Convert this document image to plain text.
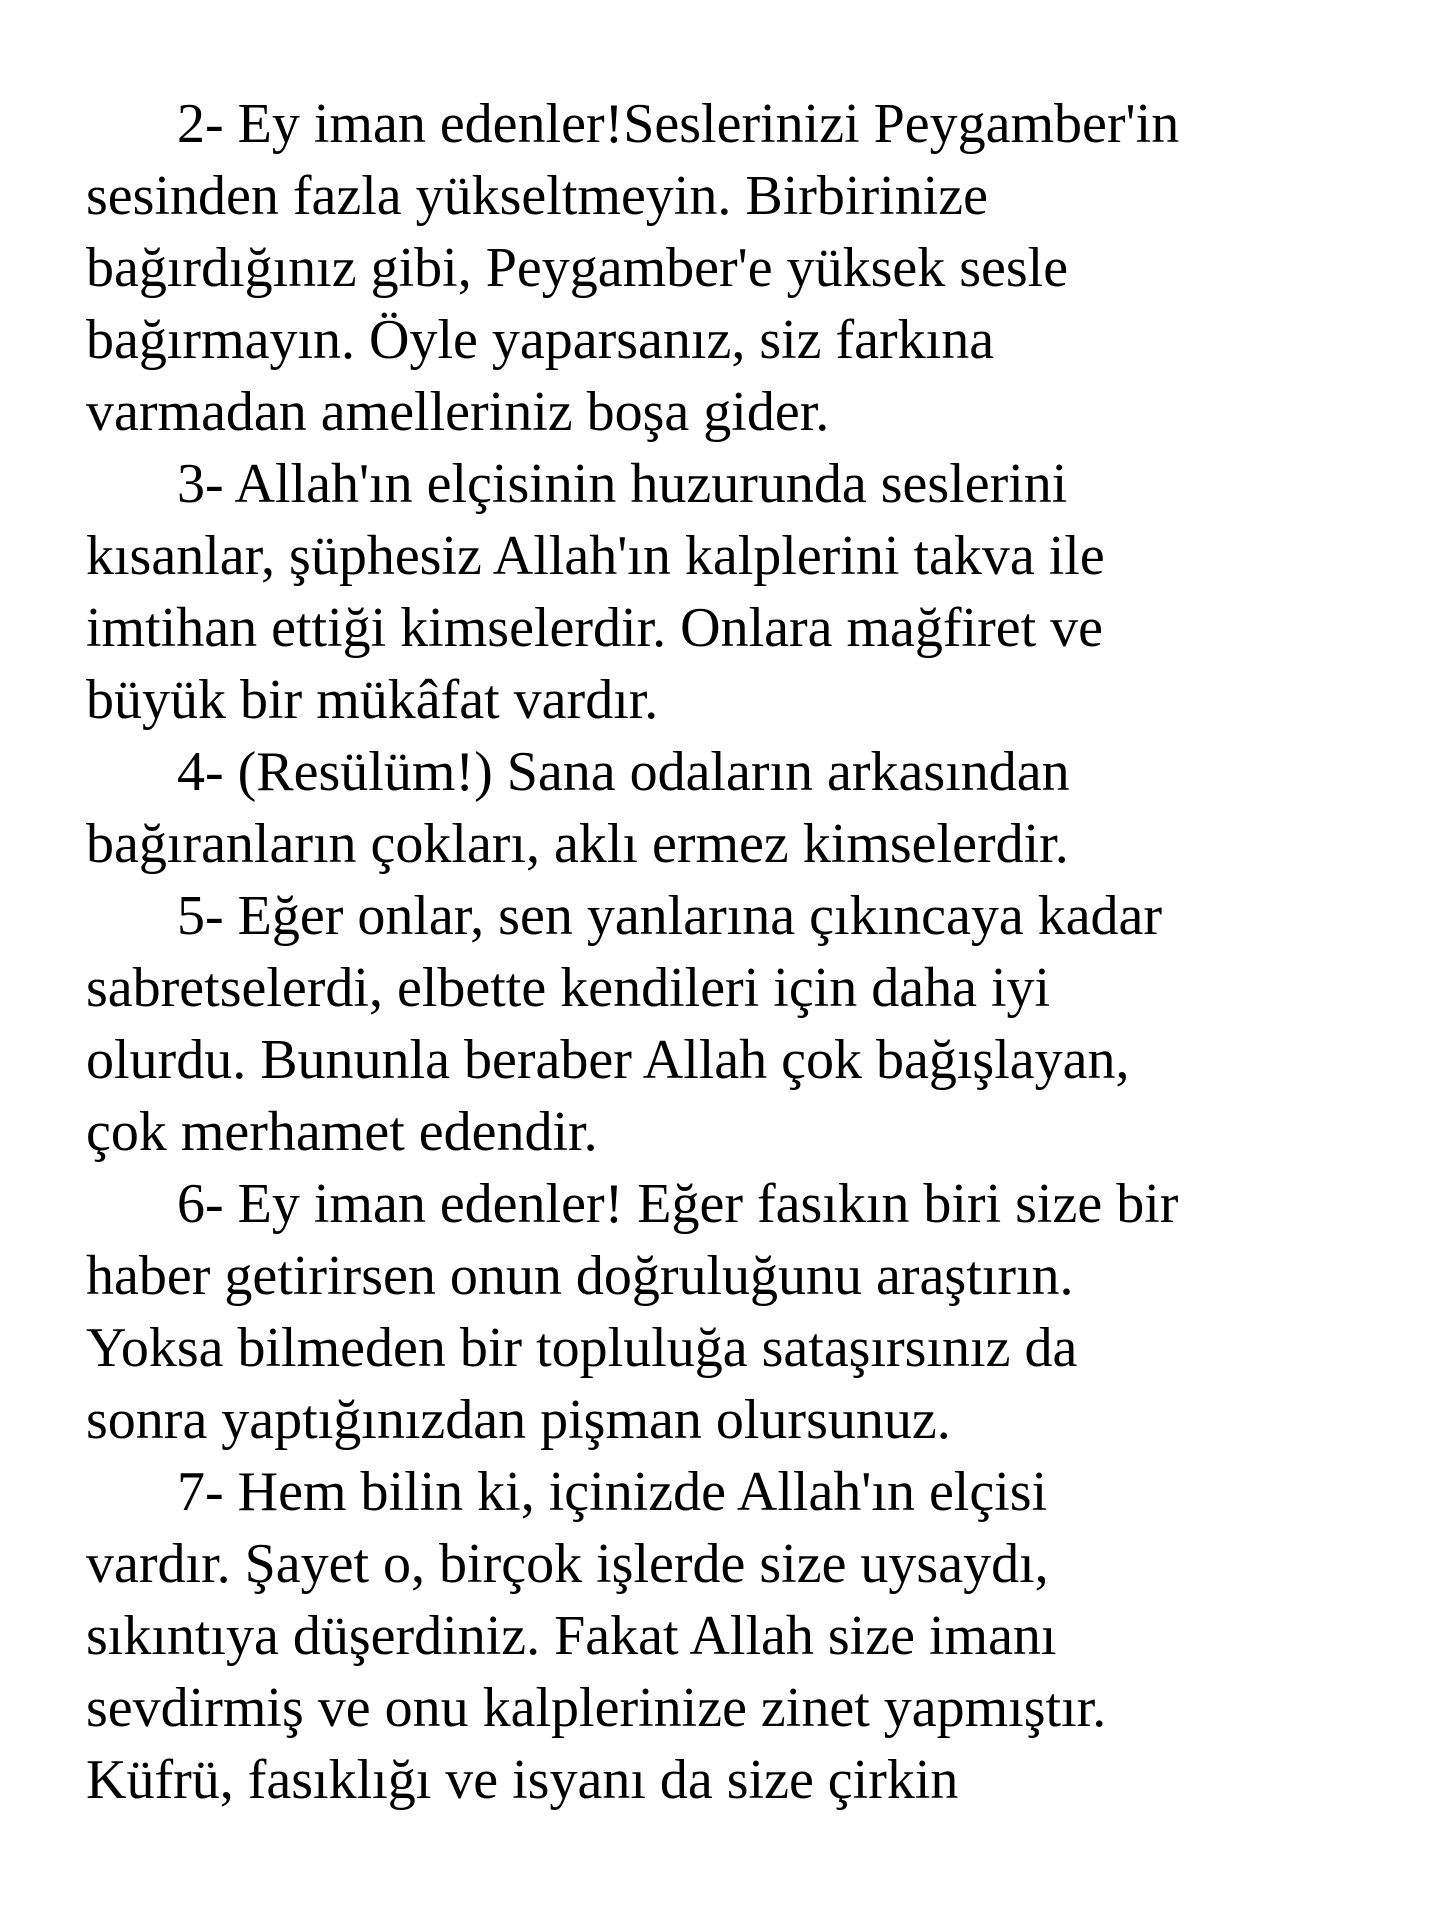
2- Ey iman edenler!Seslerinizi Peygamber'in

sesinden fazla yükseltmeyin. Birbirinize

bağırdığınız gibi, Peygamber'e yüksek sesle

bağırmayın. Öyle yaparsanız, siz farkına

varmadan amelleriniz boşa gider.

3- Allah'ın elçisinin huzurunda seslerini

kısanlar, şüphesiz Allah'ın kalplerini takva ile

imtihan ettiği kimselerdir. Onlara mağfiret ve

büyük bir mükâfat vardır.

4- (Resülüm!) Sana odaların arkasından

bağıranların çokları, aklı ermez kimselerdir.

5- Eğer onlar, sen yanlarına çıkıncaya kadar

sabretselerdi, elbette kendileri için daha iyi

olurdu. Bununla beraber Allah çok bağışlayan,

çok merhamet edendir.

6- Ey iman edenler! Eğer fasıkın biri size bir

haber getirirsen onun doğruluğunu araştırın.

Yoksa bilmeden bir topluluğa sataşırsınız da

sonra yaptığınızdan pişman olursunuz.

7- Hem bilin ki, içinizde Allah'ın elçisi

vardır. Şayet o, birçok işlerde size uysaydı,

sıkıntıya düşerdiniz. Fakat Allah size imanı

sevdirmiş ve onu kalplerinize zinet yapmıştır.

Küfrü, fasıklığı ve isyanı da size çirkin
